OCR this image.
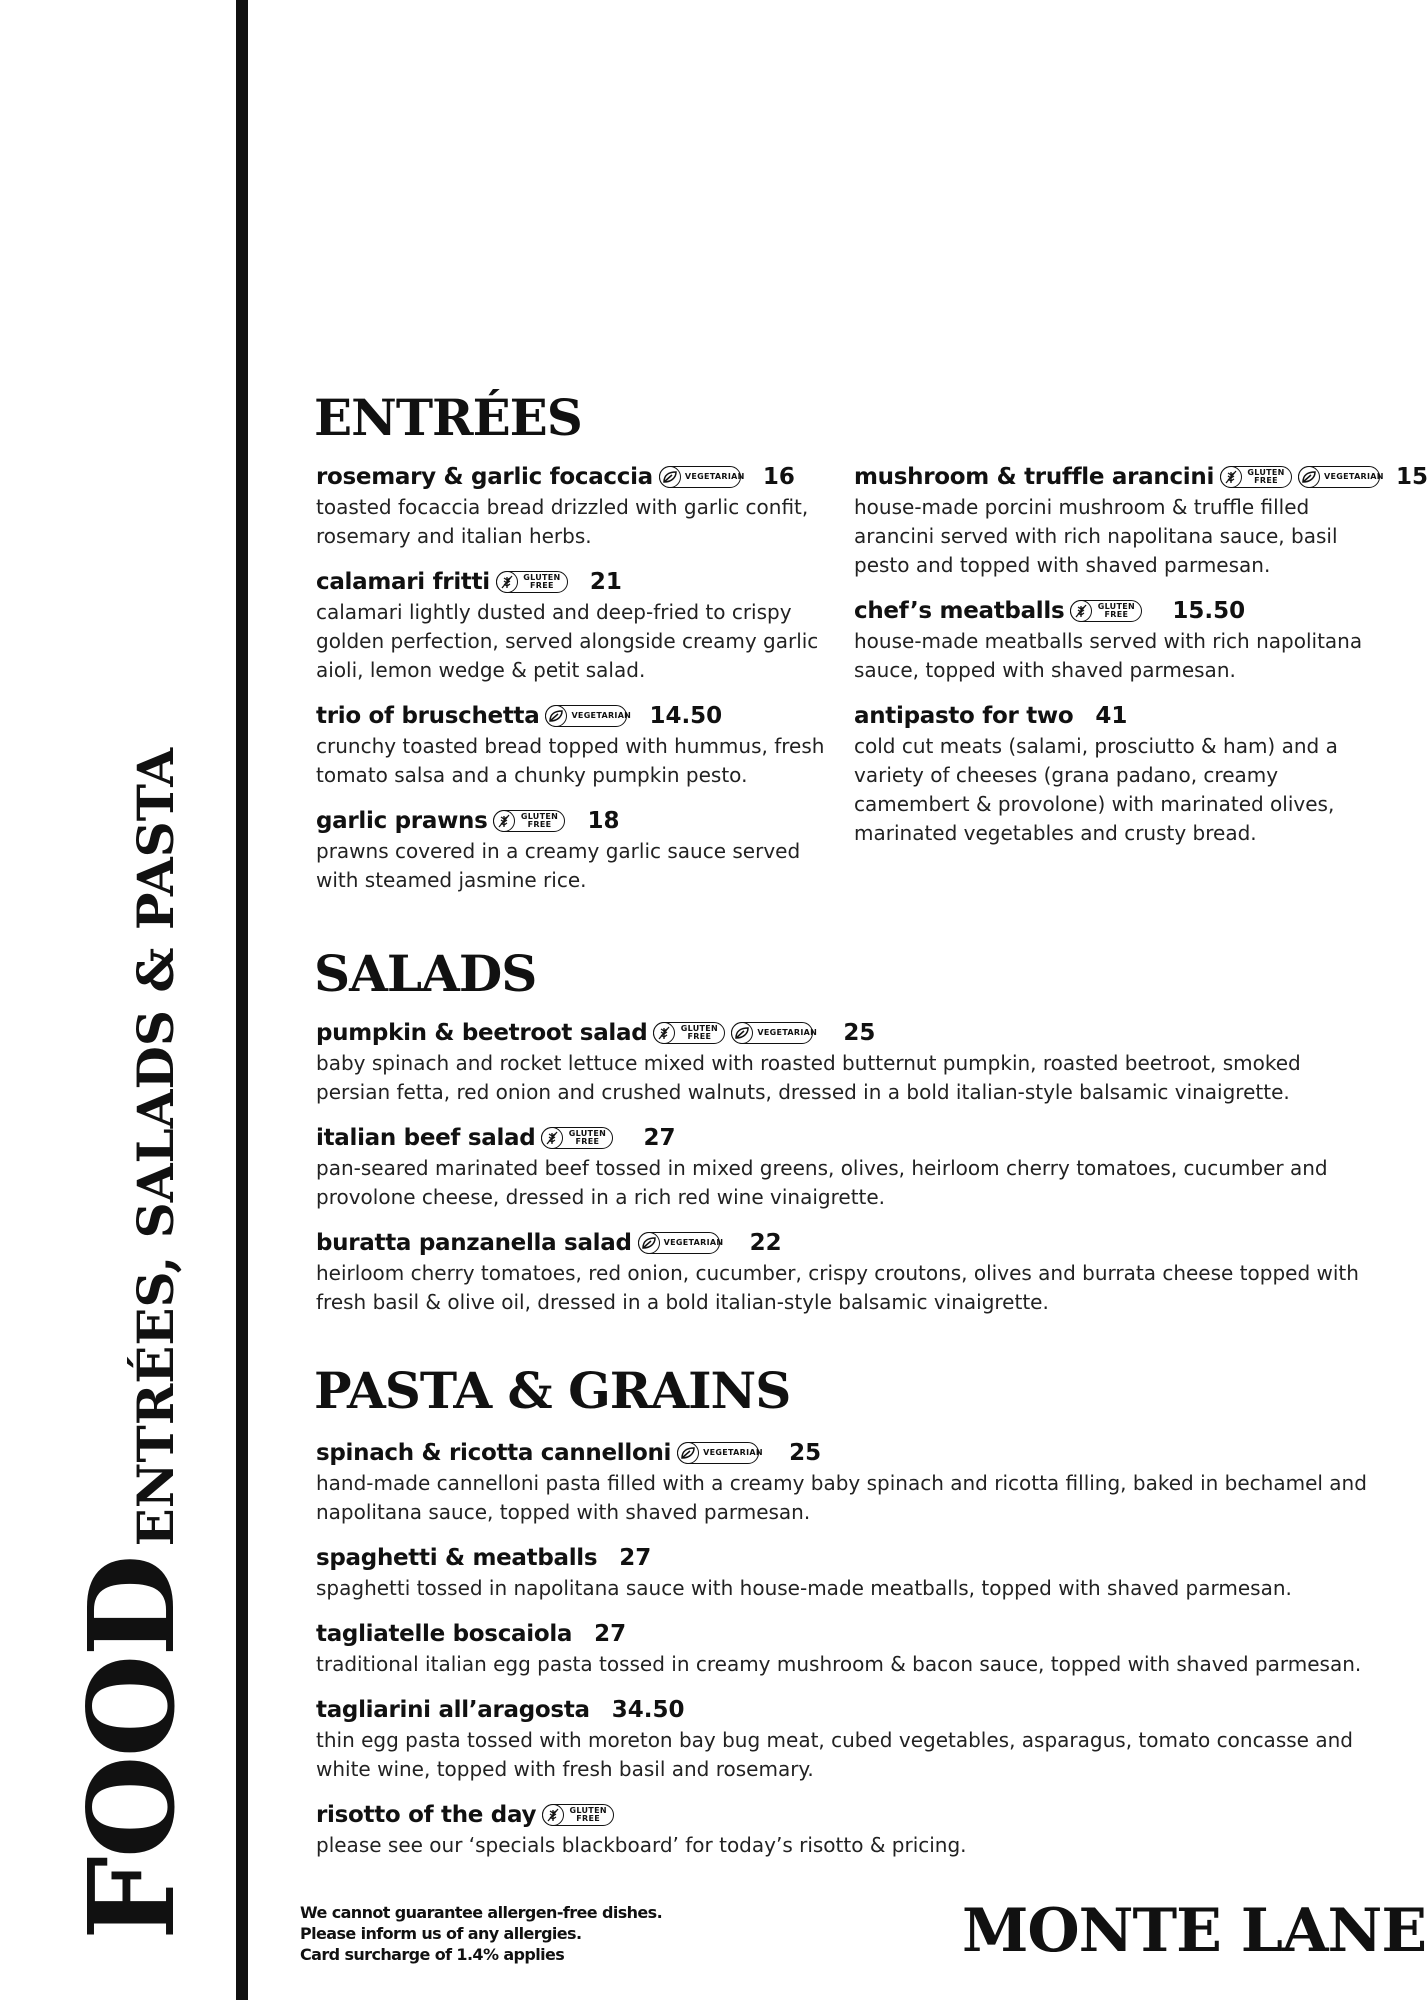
FOODENTRÉES, SALADS & PASTA
ENTRÉES
rosemary & garlic focaccia	VEGETARIAN 16
toasted focaccia bread drizzled with garlic confit, rosemary and italian herbs.
calamari fritti	GLUTEN
FREE	21
calamari lightly dusted and deep-fried to crispy golden perfection, served alongside creamy garlic aioli, lemon wedge & petit salad.
trio of bruschetta	VEGETARIAN 14.50
crunchy toasted bread topped with hummus, fresh tomato salsa and a chunky pumpkin pesto.
garlic prawns	GLUTEN
FREE	18
prawns covered in a creamy garlic sauce served with steamed jasmine rice.
mushroom & truffle arancini	GLUTEN
FREE	VEGETARIAN 15
house-made porcini mushroom & truffle filled arancini served with rich napolitana sauce, basil pesto and topped with shaved parmesan.
chef’s meatballs	GLUTEN
FREE	15.50
house-made meatballs served with rich napolitana sauce, topped with shaved parmesan.
antipasto for two 41
cold cut meats (salami, prosciutto & ham) and a variety of cheeses (grana padano, creamy camembert & provolone) with marinated olives, marinated vegetables and crusty bread.
SALADS
pumpkin & beetroot salad	GLUTEN
FREE	VEGETARIAN 25
baby spinach and rocket lettuce mixed with roasted butternut pumpkin, roasted beetroot, smoked persian fetta, red onion and crushed walnuts, dressed in a bold italian-style balsamic vinaigrette.
italian beef salad	GLUTEN
FREE	27
pan-seared marinated beef tossed in mixed greens, olives, heirloom cherry tomatoes, cucumber and provolone cheese, dressed in a rich red wine vinaigrette.
buratta panzanella salad	VEGETARIAN 22
heirloom cherry tomatoes, red onion, cucumber, crispy croutons, olives and burrata cheese topped with fresh basil & olive oil, dressed in a bold italian-style balsamic vinaigrette.
PASTA & GRAINS
spinach & ricotta cannelloni	VEGETARIAN 25
hand-made cannelloni pasta filled with a creamy baby spinach and ricotta filling, baked in bechamel and napolitana sauce, topped with shaved parmesan.
spaghetti & meatballs 27
spaghetti tossed in napolitana sauce with house-made meatballs, topped with shaved parmesan.
tagliatelle boscaiola 27
traditional italian egg pasta tossed in creamy mushroom & bacon sauce, topped with shaved parmesan.
tagliarini all’aragosta 34.50
thin egg pasta tossed with moreton bay bug meat, cubed vegetables, asparagus, tomato concasse and white wine, topped with fresh basil and rosemary.
risotto of the day	GLUTEN
FREE
please see our ‘specials blackboard’ for today’s risotto & pricing.
We cannot guarantee allergen-free dishes.
Please inform us of any allergies.
Card surcharge of 1.4% applies	MONTE LANE
